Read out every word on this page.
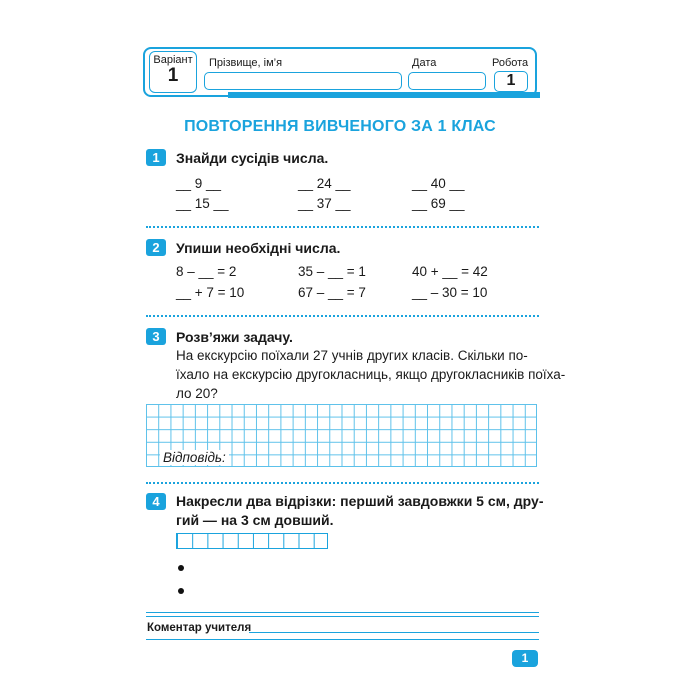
Варіант
1
Прізвище, ім’я	Дата	Робота
1
ПОВТОРЕННЯ ВИВЧЕНОГО ЗА 1 КЛАС
1	Знайди сусідів числа.
__ 9 __	__ 24 __	__ 40 __
__ 15 __	__ 37 __	__ 69 __
2	Упиши необхідні числа.
8 – __ = 2	35 – __ = 1	40 + __ = 42
__ + 7 = 10	67 – __ = 7	__ – 30 = 10
3	Розв’яжи задачу.
На екскурсію поїхали 27 учнів других класів. Скільки по-
їхало на екскурсію другокласниць, якщо другокласників поїха-
ло 20?
Відповідь:
4	Накресли два відрізки: перший завдовжки 5 см, дру-
гий — на 3 см довший.
Коментар учителя
1
